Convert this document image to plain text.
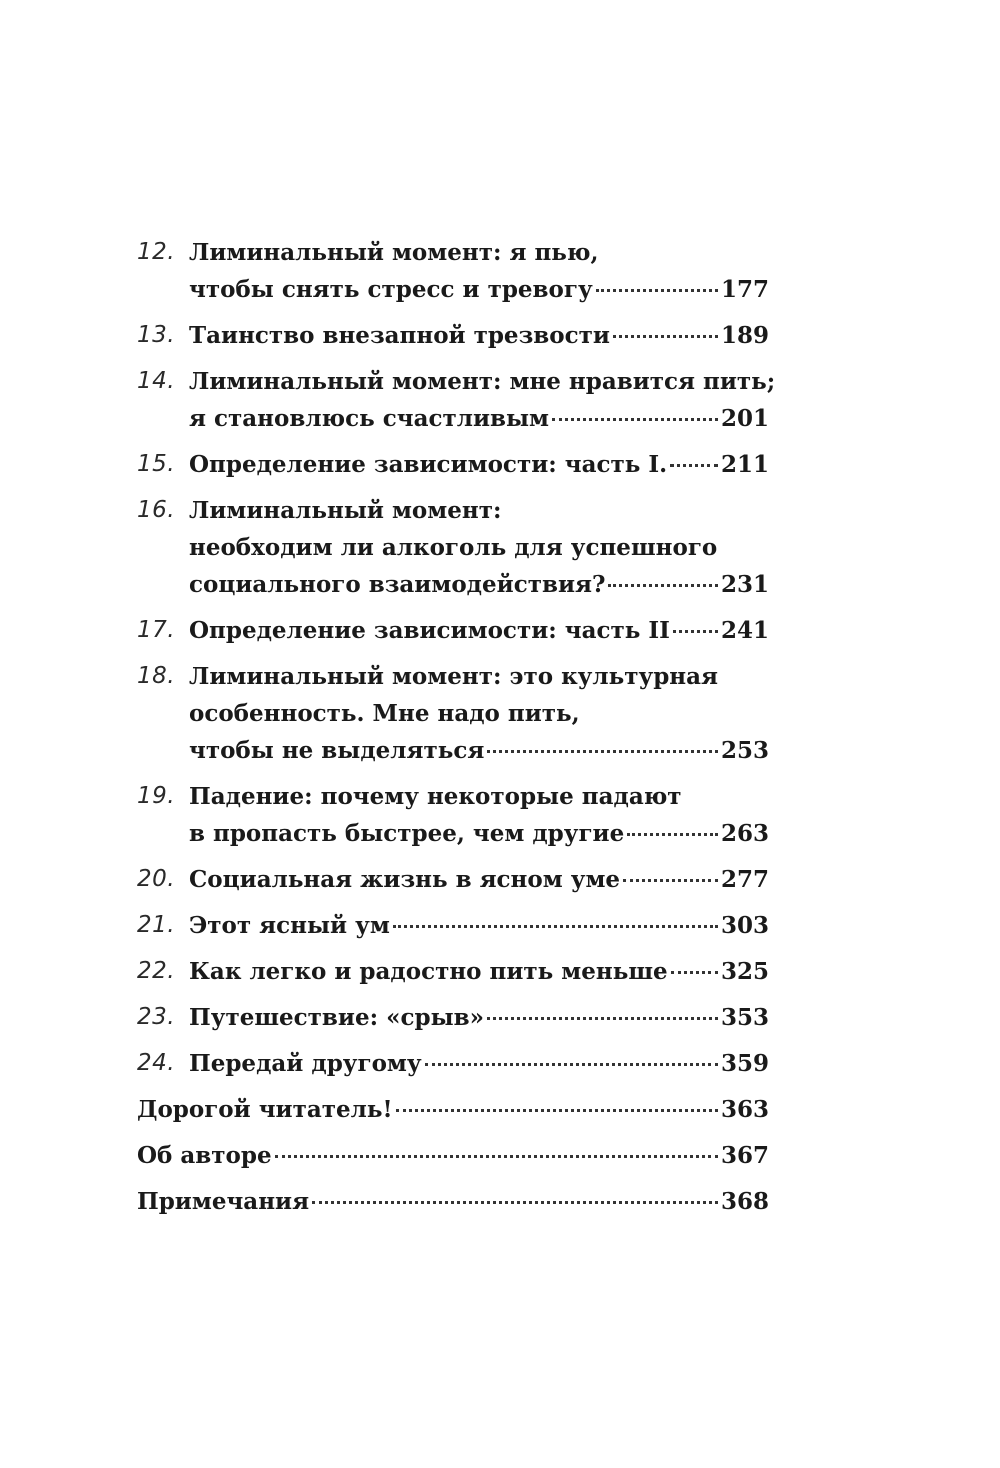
12. Лиминальный момент: я пью,
чтобы снять стресс и тревогу	177
13. Таинство внезапной трезвости	189
14. Лиминальный момент: мне нравится пить;
я становлюсь счастливым	201
15. Определение зависимости: часть I. 211
16. Лиминальный момент:
необходим ли алкоголь для успешного
социального взаимодействия?	231
17. Определение зависимости: часть II 241
18. Лиминальный момент: это культурная
особенность. Мне надо пить,
чтобы не выделяться	253
19. Падение: почему некоторые падают
в пропасть быстрее, чем другие	263
20. Социальная жизнь в ясном уме	277
21. Этот ясный ум	303
22. Как легко и радостно пить меньше 325
23. Путешествие: «срыв»	353
24. Передай другому	359
Дорогой читатель!	363
Об авторе	367
Примечания	368
